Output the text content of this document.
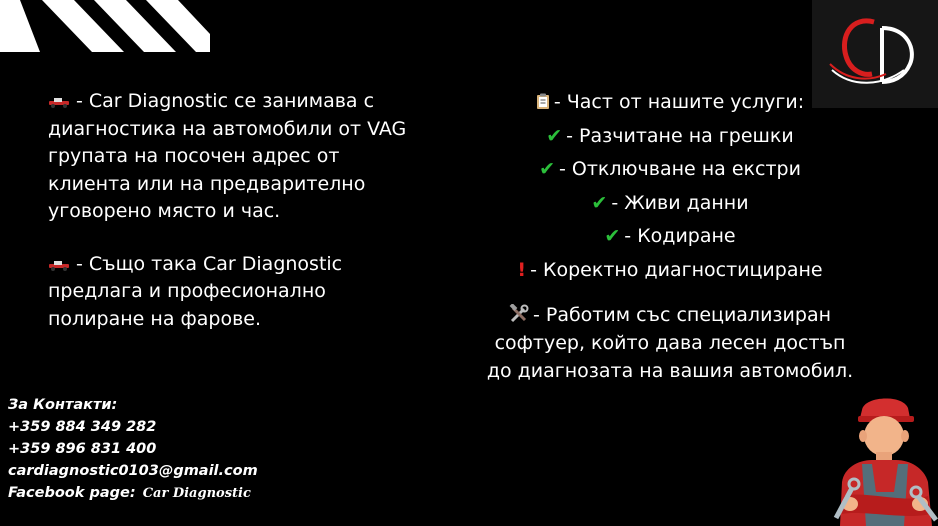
- Car Diagnostic се занимава с диагностика на автомобили от VAG групата на посочен адрес от клиента или на предварително уговорено място и час.

- Също така Car Diagnostic предлага и професионално полиране на фарове.

- Част от нашите услуги:
✔ - Разчитане на грешки
✔ - Отключване на екстри
✔ - Живи данни
✔ - Кодиране
! - Коректно диагностициране
- Работим със специализиран софтуер, който дава лесен достъп до диагнозата на вашия автомобил.
За Контакти:
+359 884 349 282
+359 896 831 400
cardiagnostic0103@gmail.com
Facebook page: Car Diagnostic
